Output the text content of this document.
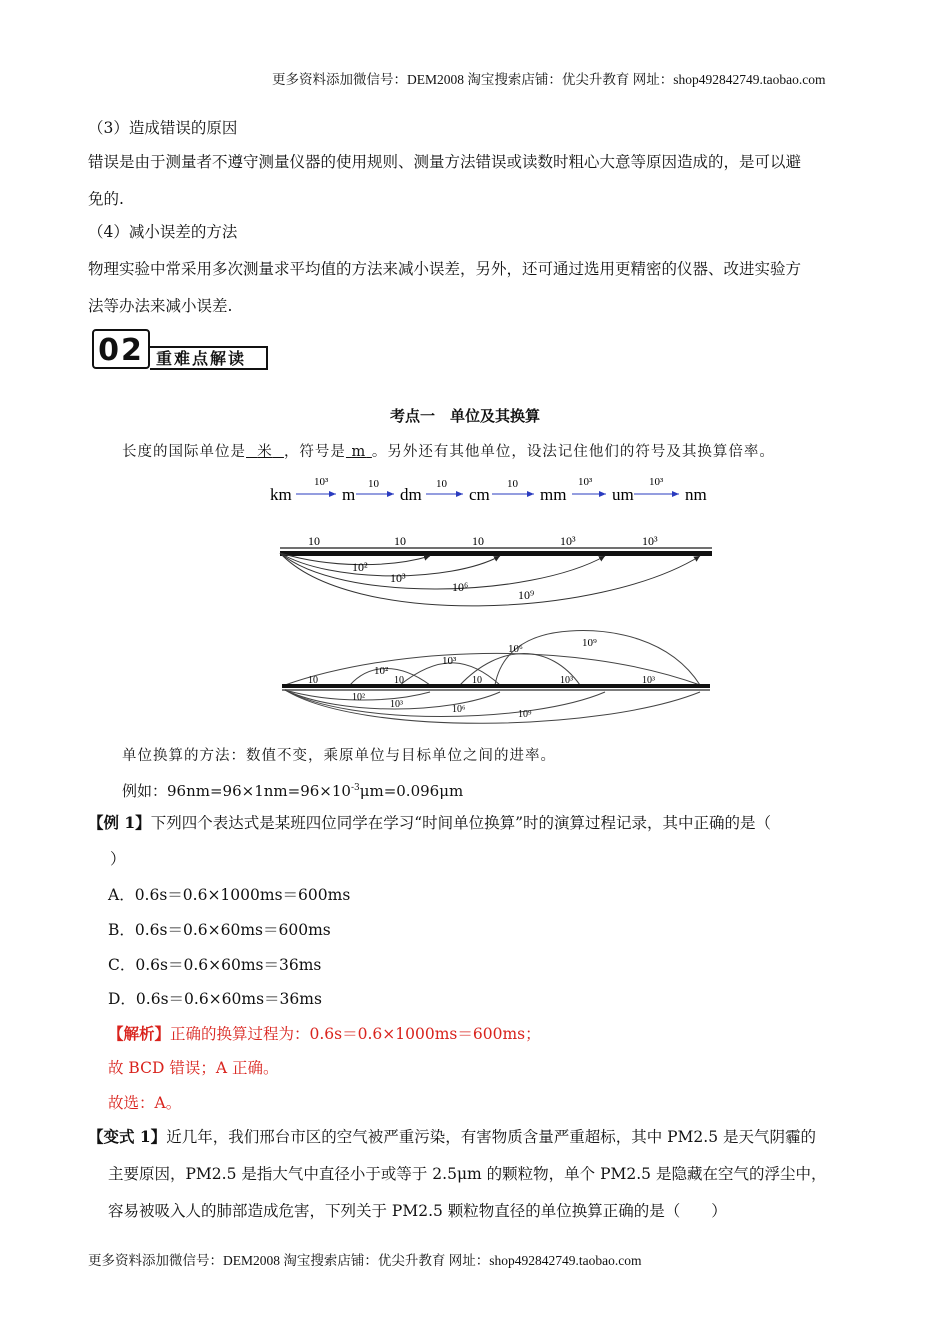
更多资料添加微信号：DEM2008 淘宝搜索店铺：优尖升教育 网址：shop492842749.taobao.com
（3）造成错误的原因
错误是由于测量者不遵守测量仪器的使用规则、测量方法错误或读数时粗心大意等原因造成的，是可以避
免的.
（4）减小误差的方法
物理实验中常采用多次测量求平均值的方法来减小误差，另外，还可通过选用更精密的仪器、改进实验方
法等办法来减小误差.
02 重难点解读
考点一　单位及其换算
长度的国际单位是 米 ，符号是 m 。另外还有其他单位，设法记住他们的符号及其换算倍率。
km	m	dm	cm	mm	um	nm
10³	10	10	10	10³	10³
10	10	10	10³	10³
10²
10³
10⁶
10⁹
10²
10³
10⁶	10⁹
10	10	10	10³	10³
10²
10³	10⁶	10⁹
单位换算的方法：数值不变，乘原单位与目标单位之间的进率。
例如：$96nm=96\times 1nm=96\times 10^{-3}\mu m=0.096\mu m$
【例 1】下列四个表达式是某班四位同学在学习“时间单位换算”时的演算过程记录，其中正确的是（
）
A．0.6s＝0.6×1000ms＝600ms
B．0.6s＝0.6×60ms＝600ms
C．0.6s＝0.6×60ms＝36ms
D．0.6s＝0.6×60ms＝36ms
【解析】正确的换算过程为：0.6s＝0.6×1000ms＝600ms；
故 BCD 错误；A 正确。
故选：A。
【变式 1】近几年，我们邢台市区的空气被严重污染，有害物质含量严重超标，其中 PM2.5 是天气阴霾的
主要原因，PM2.5 是指大气中直径小于或等于 2.5μm 的颗粒物，单个 PM2.5 是隐藏在空气的浮尘中，
容易被吸入人的肺部造成危害，下列关于 PM2.5 颗粒物直径的单位换算正确的是（　　）
更多资料添加微信号：DEM2008 淘宝搜索店铺：优尖升教育 网址：shop492842749.taobao.com
